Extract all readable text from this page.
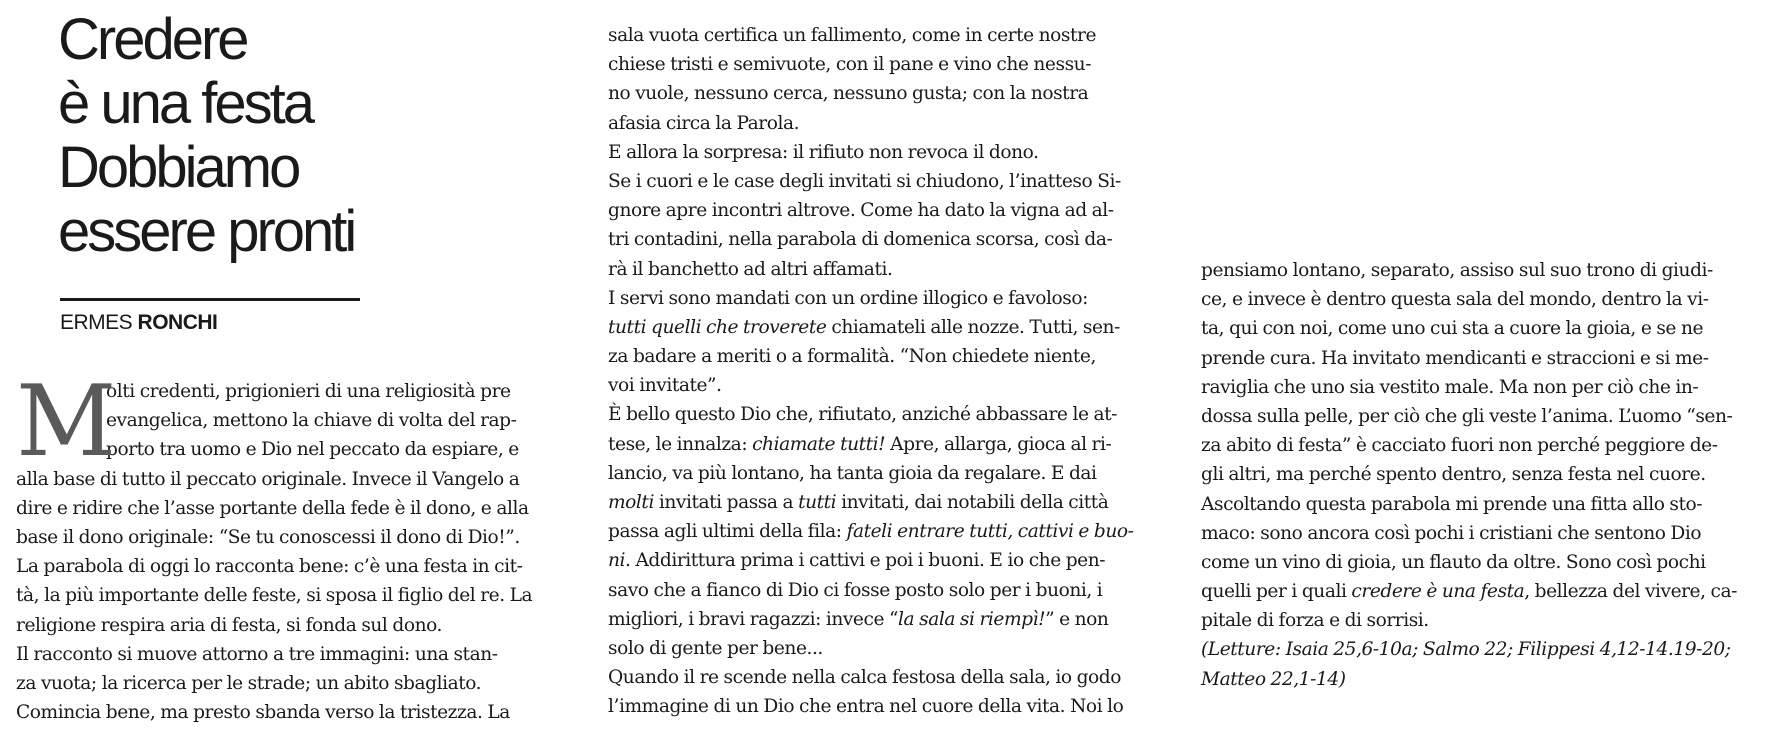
Credere
è una festa
Dobbiamo
essere pronti
ERMES RONCHI
M
olti credenti, prigionieri di una religiosità pre
evangelica, mettono la chiave di volta del rap-
porto tra uomo e Dio nel peccato da espiare, e
alla base di tutto il peccato originale. Invece il Vangelo a
dire e ridire che l’asse portante della fede è il dono, e alla
base il dono originale: “Se tu conoscessi il dono di Dio!”.
La parabola di oggi lo racconta bene: c’è una festa in cit-
tà, la più importante delle feste, si sposa il figlio del re. La
religione respira aria di festa, si fonda sul dono.
Il racconto si muove attorno a tre immagini: una stan-
za vuota; la ricerca per le strade; un abito sbagliato.
Comincia bene, ma presto sbanda verso la tristezza. La
sala vuota certifica un fallimento, come in certe nostre
chiese tristi e semivuote, con il pane e vino che nessu-
no vuole, nessuno cerca, nessuno gusta; con la nostra
afasia circa la Parola.
E allora la sorpresa: il rifiuto non revoca il dono.
Se i cuori e le case degli invitati si chiudono, l’inatteso Si-
gnore apre incontri altrove. Come ha dato la vigna ad al-
tri contadini, nella parabola di domenica scorsa, così da-
rà il banchetto ad altri affamati.
I servi sono mandati con un ordine illogico e favoloso:
tutti quelli che troverete chiamateli alle nozze. Tutti, sen-
za badare a meriti o a formalità. “Non chiedete niente,
voi invitate”.
È bello questo Dio che, rifiutato, anziché abbassare le at-
tese, le innalza: chiamate tutti! Apre, allarga, gioca al ri-
lancio, va più lontano, ha tanta gioia da regalare. E dai
molti invitati passa a tutti invitati, dai notabili della città
passa agli ultimi della fila: fateli entrare tutti, cattivi e buo-
ni. Addirittura prima i cattivi e poi i buoni. E io che pen-
savo che a fianco di Dio ci fosse posto solo per i buoni, i
migliori, i bravi ragazzi: invece “la sala si riempì!” e non
solo di gente per bene...
Quando il re scende nella calca festosa della sala, io godo
l’immagine di un Dio che entra nel cuore della vita. Noi lo
pensiamo lontano, separato, assiso sul suo trono di giudi-
ce, e invece è dentro questa sala del mondo, dentro la vi-
ta, qui con noi, come uno cui sta a cuore la gioia, e se ne
prende cura. Ha invitato mendicanti e straccioni e si me-
raviglia che uno sia vestito male. Ma non per ciò che in-
dossa sulla pelle, per ciò che gli veste l’anima. L’uomo “sen-
za abito di festa” è cacciato fuori non perché peggiore de-
gli altri, ma perché spento dentro, senza festa nel cuore.
Ascoltando questa parabola mi prende una fitta allo sto-
maco: sono ancora così pochi i cristiani che sentono Dio
come un vino di gioia, un flauto da oltre. Sono così pochi
quelli per i quali credere è una festa, bellezza del vivere, ca-
pitale di forza e di sorrisi.
(Letture: Isaia 25,6-10a; Salmo 22; Filippesi 4,12-14.19-20;
Matteo 22,1-14)
